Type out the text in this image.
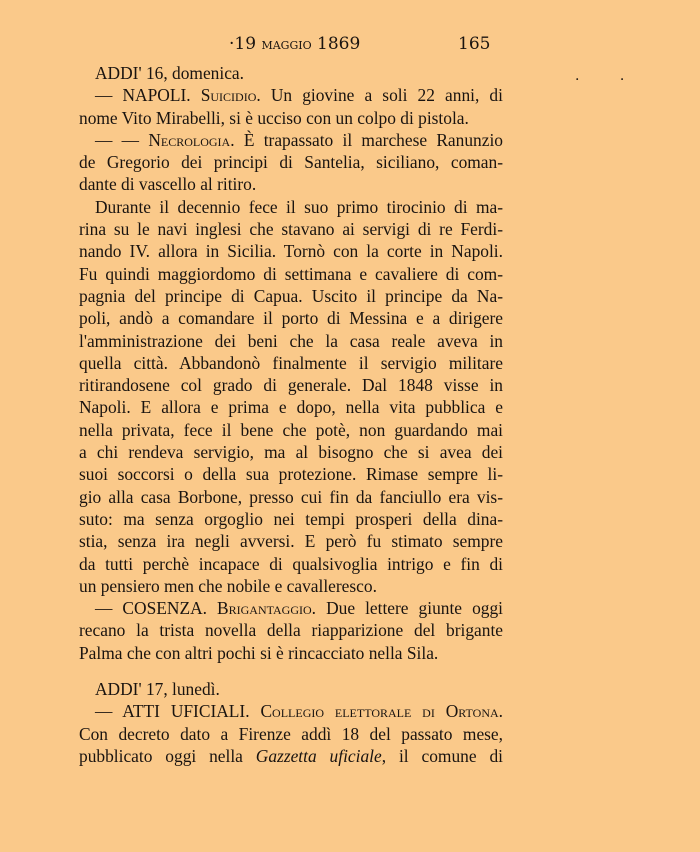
·19 maggio 1869	165
· ·
ADDI' 16, domenica.
— NAPOLI. Suicidio. Un giovine a soli 22 anni, di
nome Vito Mirabelli, si è ucciso con un colpo di pistola.
— — Necrologia. È trapassato il marchese Ranunzio
de Gregorio dei principi di Santelia, siciliano, coman-
dante di vascello al ritiro.
Durante il decennio fece il suo primo tirocinio di ma-
rina su le navi inglesi che stavano ai servigi di re Ferdi-
nando IV. allora in Sicilia. Tornò con la corte in Napoli.
Fu quindi maggiordomo di settimana e cavaliere di com-
pagnia del principe di Capua. Uscito il principe da Na-
poli, andò a comandare il porto di Messina e a dirigere
l'amministrazione dei beni che la casa reale aveva in
quella città. Abbandonò finalmente il servigio militare
ritirandosene col grado di generale. Dal 1848 visse in
Napoli. E allora e prima e dopo, nella vita pubblica e
nella privata, fece il bene che potè, non guardando mai
a chi rendeva servigio, ma al bisogno che si avea dei
suoi soccorsi o della sua protezione. Rimase sempre li-
gio alla casa Borbone, presso cui fin da fanciullo era vis-
suto: ma senza orgoglio nei tempi prosperi della dina-
stia, senza ira negli avversi. E però fu stimato sempre
da tutti perchè incapace di qualsivoglia intrigo e fin di
un pensiero men che nobile e cavalleresco.
— COSENZA. Brigantaggio. Due lettere giunte oggi
recano la trista novella della riapparizione del brigante
Palma che con altri pochi si è rincacciato nella Sila.
ADDI' 17, lunedì.
— ATTI UFICIALI. Collegio elettorale di Ortona.
Con decreto dato a Firenze addì 18 del passato mese,
pubblicato oggi nella Gazzetta uficiale, il comune di
